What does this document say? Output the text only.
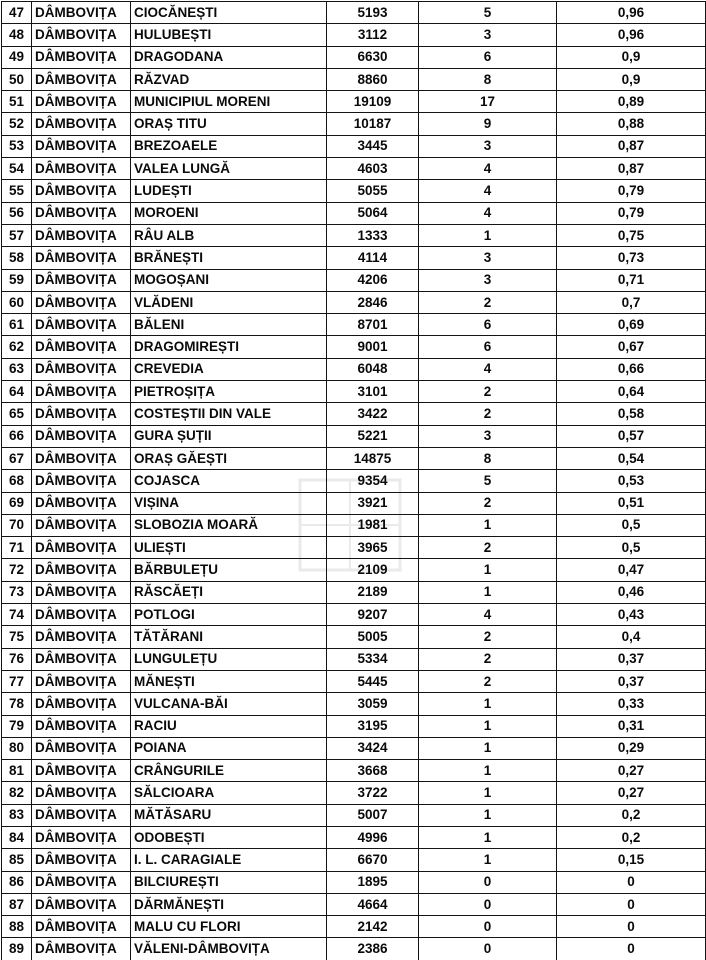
47	DÂMBOVIȚA	CIOCĂNEȘTI	5193	5	0,96
48	DÂMBOVIȚA	HULUBEȘTI	3112	3	0,96
49	DÂMBOVIȚA	DRAGODANA	6630	6	0,9
50	DÂMBOVIȚA	RĂZVAD	8860	8	0,9
51	DÂMBOVIȚA	MUNICIPIUL MORENI	19109	17	0,89
52	DÂMBOVIȚA	ORAȘ TITU	10187	9	0,88
53	DÂMBOVIȚA	BREZOAELE	3445	3	0,87
54	DÂMBOVIȚA	VALEA LUNGĂ	4603	4	0,87
55	DÂMBOVIȚA	LUDEȘTI	5055	4	0,79
56	DÂMBOVIȚA	MOROENI	5064	4	0,79
57	DÂMBOVIȚA	RÂU ALB	1333	1	0,75
58	DÂMBOVIȚA	BRĂNEȘTI	4114	3	0,73
59	DÂMBOVIȚA	MOGOȘANI	4206	3	0,71
60	DÂMBOVIȚA	VLĂDENI	2846	2	0,7
61	DÂMBOVIȚA	BĂLENI	8701	6	0,69
62	DÂMBOVIȚA	DRAGOMIREȘTI	9001	6	0,67
63	DÂMBOVIȚA	CREVEDIA	6048	4	0,66
64	DÂMBOVIȚA	PIETROȘIȚA	3101	2	0,64
65	DÂMBOVIȚA	COSTEȘTII DIN VALE	3422	2	0,58
66	DÂMBOVIȚA	GURA ȘUȚII	5221	3	0,57
67	DÂMBOVIȚA	ORAȘ GĂEȘTI	14875	8	0,54
68	DÂMBOVIȚA	COJASCA	9354	5	0,53
69	DÂMBOVIȚA	VIȘINA	3921	2	0,51
70	DÂMBOVIȚA	SLOBOZIA MOARĂ	1981	1	0,5
71	DÂMBOVIȚA	ULIEȘTI	3965	2	0,5
72	DÂMBOVIȚA	BĂRBULEȚU	2109	1	0,47
73	DÂMBOVIȚA	RĂSCĂEȚI	2189	1	0,46
74	DÂMBOVIȚA	POTLOGI	9207	4	0,43
75	DÂMBOVIȚA	TĂTĂRANI	5005	2	0,4
76	DÂMBOVIȚA	LUNGULEȚU	5334	2	0,37
77	DÂMBOVIȚA	MĂNEȘTI	5445	2	0,37
78	DÂMBOVIȚA	VULCANA-BĂI	3059	1	0,33
79	DÂMBOVIȚA	RACIU	3195	1	0,31
80	DÂMBOVIȚA	POIANA	3424	1	0,29
81	DÂMBOVIȚA	CRÂNGURILE	3668	1	0,27
82	DÂMBOVIȚA	SĂLCIOARA	3722	1	0,27
83	DÂMBOVIȚA	MĂTĂSARU	5007	1	0,2
84	DÂMBOVIȚA	ODOBEȘTI	4996	1	0,2
85	DÂMBOVIȚA	I. L. CARAGIALE	6670	1	0,15
86	DÂMBOVIȚA	BILCIUREȘTI	1895	0	0
87	DÂMBOVIȚA	DĂRMĂNEȘTI	4664	0	0
88	DÂMBOVIȚA	MALU CU FLORI	2142	0	0
89	DÂMBOVIȚA	VĂLENI-DÂMBOVIȚA	2386	0	0
